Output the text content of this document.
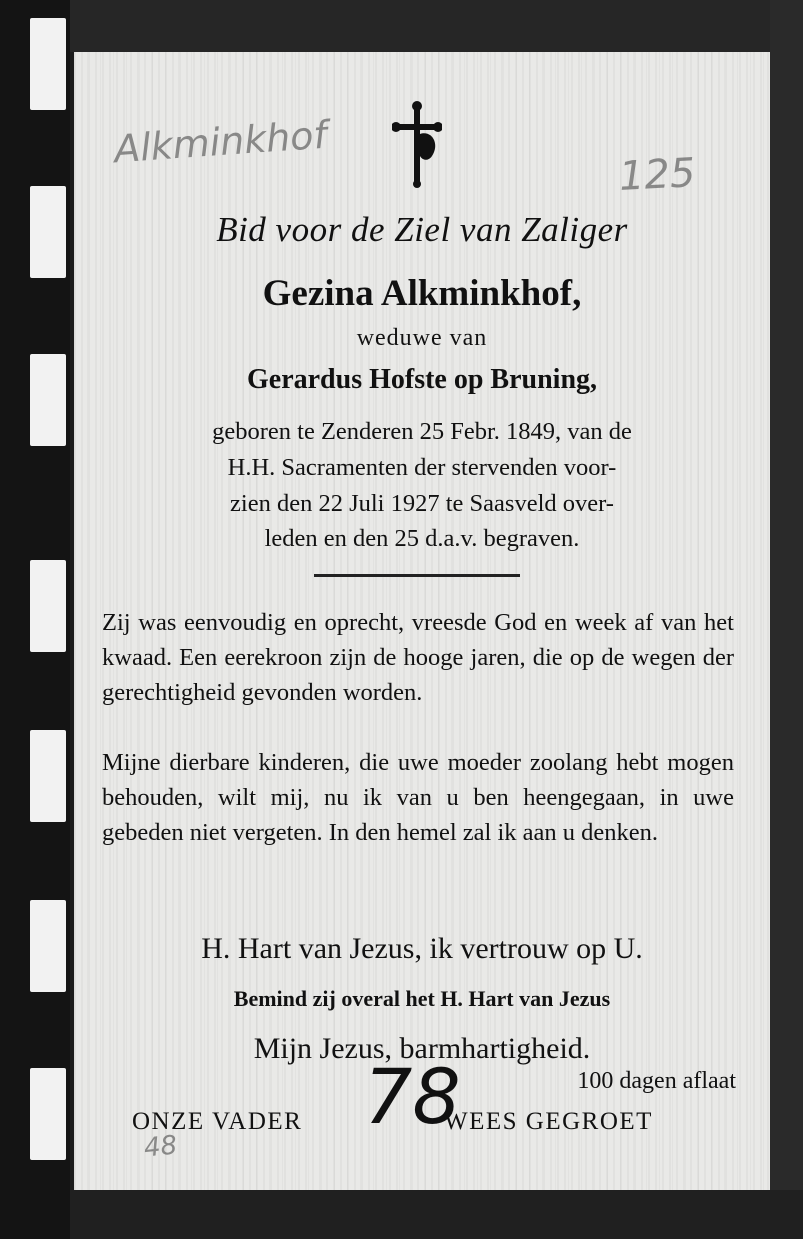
Alkminkhof
125
Bid voor de Ziel van Zaliger
Gezina Alkminkhof,
weduwe van
Gerardus Hofste op Bruning,
geboren te Zenderen 25 Febr. 1849, van de
H.H. Sacramenten der stervenden voor-
zien den 22 Juli 1927 te Saasveld over-
leden en den 25 d.a.v. begraven.
Zij was eenvoudig en oprecht, vreesde God en week af van het kwaad. Een eerekroon zijn de hooge jaren, die op de wegen der gerechtigheid gevonden worden.
Mijne dierbare kinderen, die uwe moeder zoolang hebt mogen behouden, wilt mij, nu ik van u ben heengegaan, in uwe gebeden niet vergeten. In den hemel zal ik aan u denken.
H. Hart van Jezus, ik vertrouw op U.
Bemind zij overal het H. Hart van Jezus
Mijn Jezus, barmhartigheid.
100 dagen aflaat
ONZE VADER 78
WEES GEGROET
48
